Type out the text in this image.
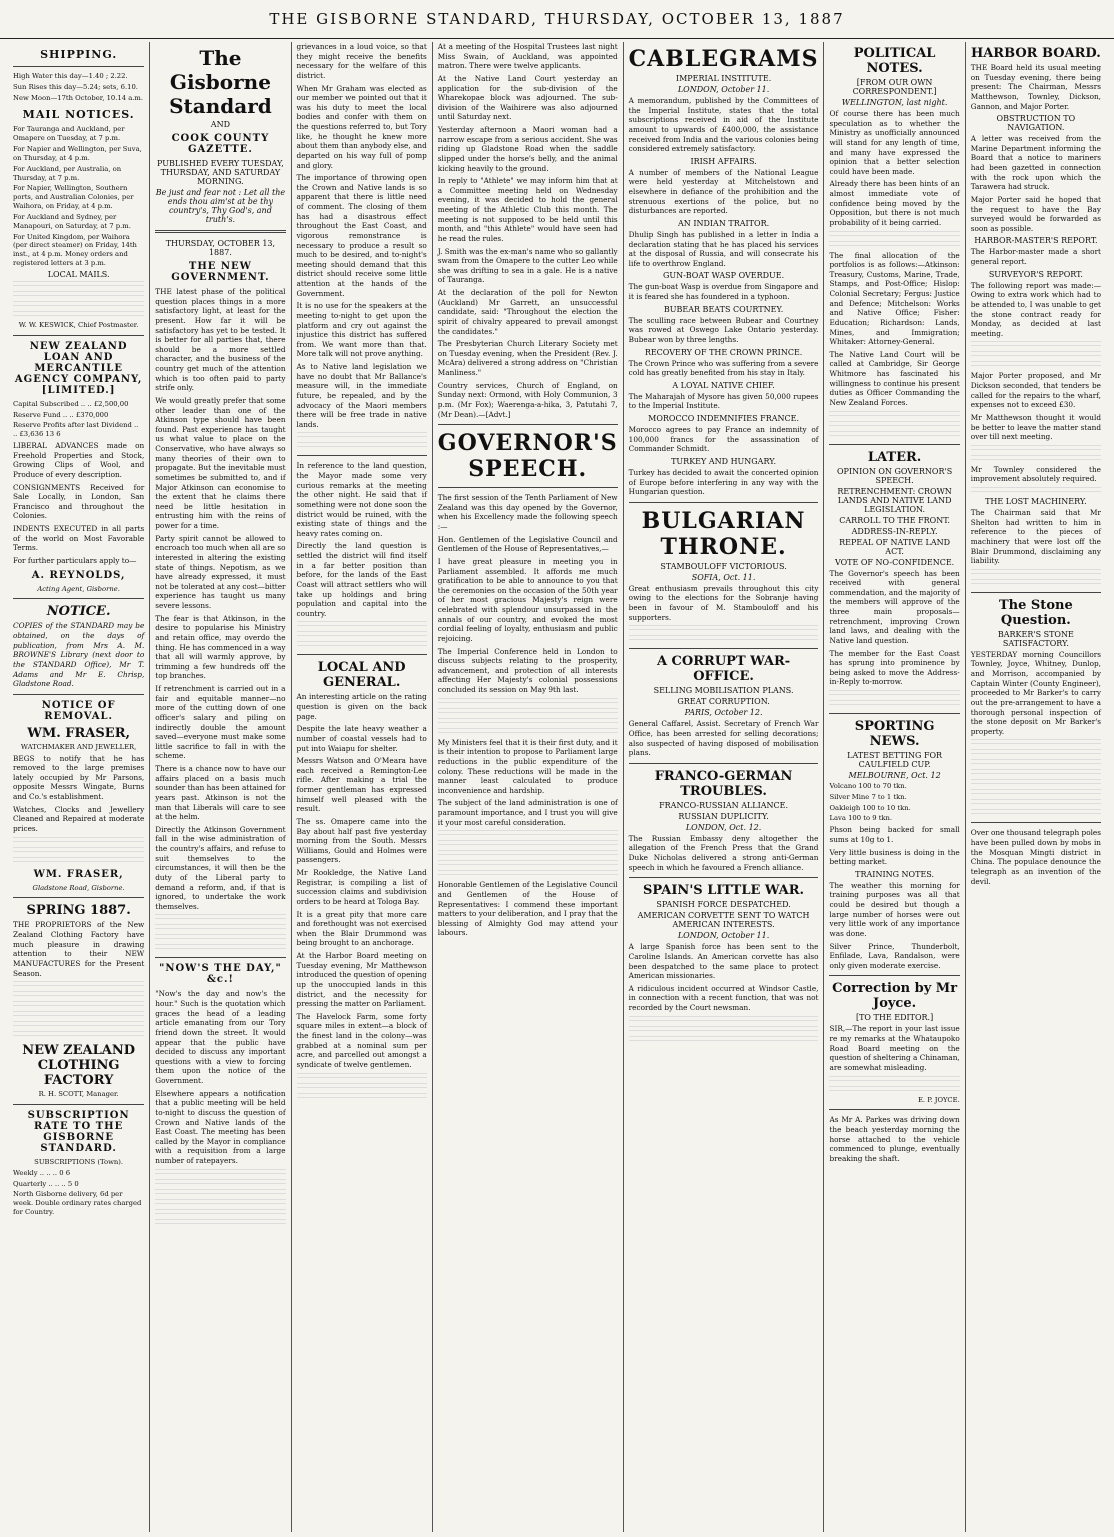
THE GISBORNE STANDARD, THURSDAY, OCTOBER 13, 1887
SHIPPING.

High Water this day—1.40 ; 2.22.

Sun Rises this day—5.24; sets, 6.10.

New Moon—17th October, 10.14 a.m.

MAIL NOTICES.

For Tauranga and Auckland, per Omapere on Tuesday, at 7 p.m.

For Napier and Wellington, per Suva, on Thursday, at 4 p.m.

For Auckland, per Australia, on Thursday, at 7 p.m.

For Napier, Wellington, Southern ports, and Australian Colonies, per Waihora, on Friday, at 4 p.m.

For Auckland and Sydney, per Manapouri, on Saturday, at 7 p.m.

For United Kingdom, per Waihora (per direct steamer) on Friday, 14th inst., at 4 p.m. Money orders and registered letters at 3 p.m.

LOCAL MAILS.

W. W. KESWICK, Chief Postmaster.

NEW ZEALAND LOAN AND MERCANTILE AGENCY COMPANY, [LIMITED.]

Capital Subscribed .. .. £2,500,00

Reserve Fund .. .. £370,000

Reserve Profits after last Dividend .. .. £3,636 13 6

LIBERAL ADVANCES made on Freehold Properties and Stock, Growing Clips of Wool, and Produce of every description.

CONSIGNMENTS Received for Sale Locally, in London, San Francisco and throughout the Colonies.

INDENTS EXECUTED in all parts of the world on Most Favorable Terms.

For further particulars apply to—

A. REYNOLDS,

Acting Agent, Gisborne.

NOTICE.

COPIES of the STANDARD may be obtained, on the days of publication, from Mrs A. M. BROWNE'S Library (next door to the STANDARD Office), Mr T. Adams and Mr E. Chrisp, Gladstone Road.

NOTICE OF REMOVAL.
WM. FRASER,

WATCHMAKER AND JEWELLER,

BEGS to notify that he has removed to the large premises lately occupied by Mr Parsons, opposite Messrs Wingate, Burns and Co.'s establishment.

Watches, Clocks and Jewellery Cleaned and Repaired at moderate prices.

WM. FRASER,

Gladstone Road, Gisborne.

SPRING 1887.

THE PROPRIETORS of the New Zealand Clothing Factory have much pleasure in drawing attention to their NEW MANUFACTURES for the Present Season.

NEW ZEALAND CLOTHING FACTORY

R. H. SCOTT, Manager.

SUBSCRIPTION RATE TO THE GISBORNE STANDARD.

SUBSCRIPTIONS (Town).

Weekly .. .. .. 0 6

Quarterly .. .. .. 5 0

North Gisborne delivery, 6d per week. Double ordinary rates charged for Country.

The Gisborne Standard
AND
COOK COUNTY GAZETTE.
PUBLISHED EVERY TUESDAY, THURSDAY, AND SATURDAY MORNING.
Be just and fear not : Let all the ends thou aim'st at be thy country's, Thy God's, and truth's.
THURSDAY, OCTOBER 13, 1887.
THE NEW GOVERNMENT.

THE latest phase of the political question places things in a more satisfactory light, at least for the present. How far it will be satisfactory has yet to be tested. It is better for all parties that, there should be a more settled character, and the business of the country get much of the attention which is too often paid to party strife only.

We would greatly prefer that some other leader than one of the Atkinson type should have been found. Past experience has taught us what value to place on the Conservative, who have always so many theories of their own to propagate. But the inevitable must sometimes be submitted to, and if Major Atkinson can economise to the extent that he claims there need be little hesitation in entrusting him with the reins of power for a time.

Party spirit cannot be allowed to encroach too much when all are so interested in altering the existing state of things. Nepotism, as we have already expressed, it must not be tolerated at any cost—bitter experience has taught us many severe lessons.

The fear is that Atkinson, in the desire to popularise his Ministry and retain office, may overdo the thing. He has commenced in a way that all will warmly approve, by trimming a few hundreds off the top branches.

If retrenchment is carried out in a fair and equitable manner—no more of the cutting down of one officer's salary and piling on indirectly double the amount saved—everyone must make some little sacrifice to fall in with the scheme.

There is a chance now to have our affairs placed on a basis much sounder than has been attained for years past. Atkinson is not the man that Liberals will care to see at the helm.

Directly the Atkinson Government fall in the wise administration of the country's affairs, and refuse to suit themselves to the circumstances, it will then be the duty of the Liberal party to demand a reform, and, if that is ignored, to undertake the work themselves.

"NOW'S THE DAY," &c.!

"Now's the day and now's the hour." Such is the quotation which graces the head of a leading article emanating from our Tory friend down the street. It would appear that the public have decided to discuss any important questions with a view to forcing them upon the notice of the Government.

Elsewhere appears a notification that a public meeting will be held to-night to discuss the question of Crown and Native lands of the East Coast. The meeting has been called by the Mayor in compliance with a requisition from a large number of ratepayers.

grievances in a loud voice, so that they might receive the benefits necessary for the welfare of this district.

When Mr Graham was elected as our member we pointed out that it was his duty to meet the local bodies and confer with them on the questions referred to, but Tory like, he thought he knew more about them than anybody else, and departed on his way full of pomp and glory.

The importance of throwing open the Crown and Native lands is so apparent that there is little need of comment. The closing of them has had a disastrous effect throughout the East Coast, and vigorous remonstrance is necessary to produce a result so much to be desired, and to-night's meeting should demand that this district should receive some little attention at the hands of the Government.

It is no use for the speakers at the meeting to-night to get upon the platform and cry out against the injustice this district has suffered from. We want more than that. More talk will not prove anything.

As to Native land legislation we have no doubt that Mr Ballance's measure will, in the immediate future, be repealed, and by the advocacy of the Maori members there will be free trade in native lands.

In reference to the land question, the Mayor made some very curious remarks at the meeting the other night. He said that if something were not done soon the district would be ruined, with the existing state of things and the heavy rates coming on.

Directly the land question is settled the district will find itself in a far better position than before, for the lands of the East Coast will attract settlers who will take up holdings and bring population and capital into the country.

LOCAL AND GENERAL.

An interesting article on the rating question is given on the back page.

Despite the late heavy weather a number of coastal vessels had to put into Waiapu for shelter.

Messrs Watson and O'Meara have each received a Remington-Lee rifle. After making a trial the former gentleman has expressed himself well pleased with the result.

The ss. Omapere came into the Bay about half past five yesterday morning from the South. Messrs Williams, Gould and Holmes were passengers.

Mr Rookledge, the Native Land Registrar, is compiling a list of succession claims and subdivision orders to be heard at Tologa Bay.

It is a great pity that more care and forethought was not exercised when the Blair Drummond was being brought to an anchorage.

At the Harbor Board meeting on Tuesday evening, Mr Matthewson introduced the question of opening up the unoccupied lands in this district, and the necessity for pressing the matter on Parliament.

The Havelock Farm, some forty square miles in extent—a block of the finest land in the colony—was grabbed at a nominal sum per acre, and parcelled out amongst a syndicate of twelve gentlemen.

At a meeting of the Hospital Trustees last night Miss Swain, of Auckland, was appointed matron. There were twelve applicants.

At the Native Land Court yesterday an application for the sub-division of the Wharekopae block was adjourned. The sub-division of the Waihirere was also adjourned until Saturday next.

Yesterday afternoon a Maori woman had a narrow escape from a serious accident. She was riding up Gladstone Road when the saddle slipped under the horse's belly, and the animal kicking heavily to the ground.

In reply to "Athlete" we may inform him that at a Committee meeting held on Wednesday evening, it was decided to hold the general meeting of the Athletic Club this month. The meeting is not supposed to be held until this month, and "this Athlete" would have seen had he read the rules.

J. Smith was the ex-man's name who so gallantly swam from the Omapere to the cutter Leo while she was drifting to sea in a gale. He is a native of Tauranga.

At the declaration of the poll for Newton (Auckland) Mr Garrett, an unsuccessful candidate, said: "Throughout the election the spirit of chivalry appeared to prevail amongst the candidates."

The Presbyterian Church Literary Society met on Tuesday evening, when the President (Rev. J. McAra) delivered a strong address on "Christian Manliness."

Country services, Church of England, on Sunday next: Ormond, with Holy Communion, 3 p.m. (Mr Fox); Waerenga-a-hika, 3, Patutahi 7, (Mr Dean).—[Advt.]

GOVERNOR'S SPEECH.

The first session of the Tenth Parliament of New Zealand was this day opened by the Governor, when his Excellency made the following speech :—

Hon. Gentlemen of the Legislative Council and Gentlemen of the House of Representatives,—

I have great pleasure in meeting you in Parliament assembled. It affords me much gratification to be able to announce to you that the ceremonies on the occasion of the 50th year of her most gracious Majesty's reign were celebrated with splendour unsurpassed in the annals of our country, and evoked the most cordial feeling of loyalty, enthusiasm and public rejoicing.

The Imperial Conference held in London to discuss subjects relating to the prosperity, advancement, and protection of all interests affecting Her Majesty's colonial possessions concluded its session on May 9th last.

My Ministers feel that it is their first duty, and it is their intention to propose to Parliament large reductions in the public expenditure of the colony. These reductions will be made in the manner least calculated to produce inconvenience and hardship.

The subject of the land administration is one of paramount importance, and I trust you will give it your most careful consideration.

Honorable Gentlemen of the Legislative Council and Gentlemen of the House of Representatives: I commend these important matters to your deliberation, and I pray that the blessing of Almighty God may attend your labours.

CABLEGRAMS
IMPERIAL INSTITUTE.
LONDON, October 11.

A memorandum, published by the Committees of the Imperial Institute, states that the total subscriptions received in aid of the Institute amount to upwards of £400,000, the assistance received from India and the various colonies being considered extremely satisfactory.

IRISH AFFAIRS.

A number of members of the National League were held yesterday at Mitchelstown and elsewhere in defiance of the prohibition and the strenuous exertions of the police, but no disturbances are reported.

AN INDIAN TRAITOR.

Dhulip Singh has published in a letter in India a declaration stating that he has placed his services at the disposal of Russia, and will consecrate his life to overthrow England.

GUN-BOAT WASP OVERDUE.

The gun-boat Wasp is overdue from Singapore and it is feared she has foundered in a typhoon.

BUBEAR BEATS COURTNEY.

The sculling race between Bubear and Courtney was rowed at Oswego Lake Ontario yesterday. Bubear won by three lengths.

RECOVERY OF THE CROWN PRINCE.

The Crown Prince who was suffering from a severe cold has greatly benefited from his stay in Italy.

A LOYAL NATIVE CHIEF.

The Maharajah of Mysore has given 50,000 rupees to the Imperial Institute.

MOROCCO INDEMNIFIES FRANCE.

Morocco agrees to pay France an indemnity of 100,000 francs for the assassination of Commander Schmidt.

TURKEY AND HUNGARY.

Turkey has decided to await the concerted opinion of Europe before interfering in any way with the Hungarian question.

BULGARIAN THRONE.
STAMBOULOFF VICTORIOUS.
SOFIA, Oct. 11.

Great enthusiasm prevails throughout this city owing to the elections for the Sobranje having been in favour of M. Stambouloff and his supporters.

A CORRUPT WAR-OFFICE.
SELLING MOBILISATION PLANS.
GREAT CORRUPTION.
PARIS, October 12.

General Caffarel, Assist. Secretary of French War Office, has been arrested for selling decorations; also suspected of having disposed of mobilisation plans.

FRANCO-GERMAN TROUBLES.
FRANCO-RUSSIAN ALLIANCE.
RUSSIAN DUPLICITY.
LONDON, Oct. 12.

The Russian Embassy deny altogether the allegation of the French Press that the Grand Duke Nicholas delivered a strong anti-German speech in which he favoured a French alliance.

SPAIN'S LITTLE WAR.
SPANISH FORCE DESPATCHED.
AMERICAN CORVETTE SENT TO WATCH AMERICAN INTERESTS.
LONDON, October 11.

A large Spanish force has been sent to the Caroline Islands. An American corvette has also been despatched to the same place to protect American missionaries.

A ridiculous incident occurred at Windsor Castle, in connection with a recent function, that was not recorded by the Court newsman.

POLITICAL NOTES.
[FROM OUR OWN CORRESPONDENT.]
WELLINGTON, last night.

Of course there has been much speculation as to whether the Ministry as unofficially announced will stand for any length of time, and many have expressed the opinion that a better selection could have been made.

Already there has been hints of an almost immediate vote of confidence being moved by the Opposition, but there is not much probability of it being carried.

The final allocation of the portfolios is as follows:—Atkinson: Treasury, Customs, Marine, Trade, Stamps, and Post-Office; Hislop: Colonial Secretary; Fergus: Justice and Defence; Mitchelson: Works and Native Office; Fisher: Education; Richardson: Lands, Mines, and Immigration; Whitaker: Attorney-General.

The Native Land Court will be called at Cambridge, Sir George Whitmore has fascinated his willingness to continue his present duties as Officer Commanding the New Zealand Forces.

LATER.
OPINION ON GOVERNOR'S SPEECH.
RETRENCHMENT: CROWN LANDS AND NATIVE LAND LEGISLATION.
CARROLL TO THE FRONT.
ADDRESS-IN-REPLY.
REPEAL OF NATIVE LAND ACT.
VOTE OF NO-CONFIDENCE.

The Governor's speech has been received with general commendation, and the majority of the members will approve of the three main proposals—retrenchment, improving Crown land laws, and dealing with the Native land question.

The member for the East Coast has sprung into prominence by being asked to move the Address-in-Reply to-morrow.

SPORTING NEWS.
LATEST BETTING FOR CAULFIELD CUP.
MELBOURNE, Oct. 12

Volcano 100 to 70 tkn.

Silver Mine 7 to 1 tkn.

Oakleigh 100 to 10 tkn.

Lava 100 to 9 tkn.

Phson being backed for small sums at 10g to 1.

Very little business is doing in the betting market.

TRAINING NOTES.

The weather this morning for training purposes was all that could be desired but though a large number of horses were out very little work of any importance was done.

Silver Prince, Thunderbolt, Enfilade, Lava, Randalson, were only given moderate exercise.

Correction by Mr Joyce.
[TO THE EDITOR.]

SIR,—The report in your last issue re my remarks at the Whataupoko Road Board meeting on the question of sheltering a Chinaman, are somewhat misleading.

E. P. JOYCE.

As Mr A. Parkes was driving down the beach yesterday morning the horse attached to the vehicle commenced to plunge, eventually breaking the shaft.

HARBOR BOARD.

THE Board held its usual meeting on Tuesday evening, there being present: The Chairman, Messrs Matthewson, Townley, Dickson, Gannon, and Major Porter.

OBSTRUCTION TO NAVIGATION.

A letter was received from the Marine Department informing the Board that a notice to mariners had been gazetted in connection with the rock upon which the Tarawera had struck.

Major Porter said he hoped that the request to have the Bay surveyed would be forwarded as soon as possible.

HARBOR-MASTER'S REPORT.

The Harbor-master made a short general report.

SURVEYOR'S REPORT.

The following report was made:—Owing to extra work which had to be attended to, I was unable to get the stone contract ready for Monday, as decided at last meeting.

Major Porter proposed, and Mr Dickson seconded, that tenders be called for the repairs to the wharf, expenses not to exceed £30.

Mr Matthewson thought it would be better to leave the matter stand over till next meeting.

Mr Townley considered the improvement absolutely required.

THE LOST MACHINERY.

The Chairman said that Mr Shelton had written to him in reference to the pieces of machinery that were lost off the Blair Drummond, disclaiming any liability.

The Stone Question.
BARKER'S STONE SATISFACTORY.

YESTERDAY morning Councillors Townley, Joyce, Whitney, Dunlop, and Morrison, accompanied by Captain Winter (County Engineer), proceeded to Mr Barker's to carry out the pre-arrangement to have a thorough personal inspection of the stone deposit on Mr Barker's property.

Over one thousand telegraph poles have been pulled down by mobs in the Mosquan Mingti district in China. The populace denounce the telegraph as an invention of the devil.
